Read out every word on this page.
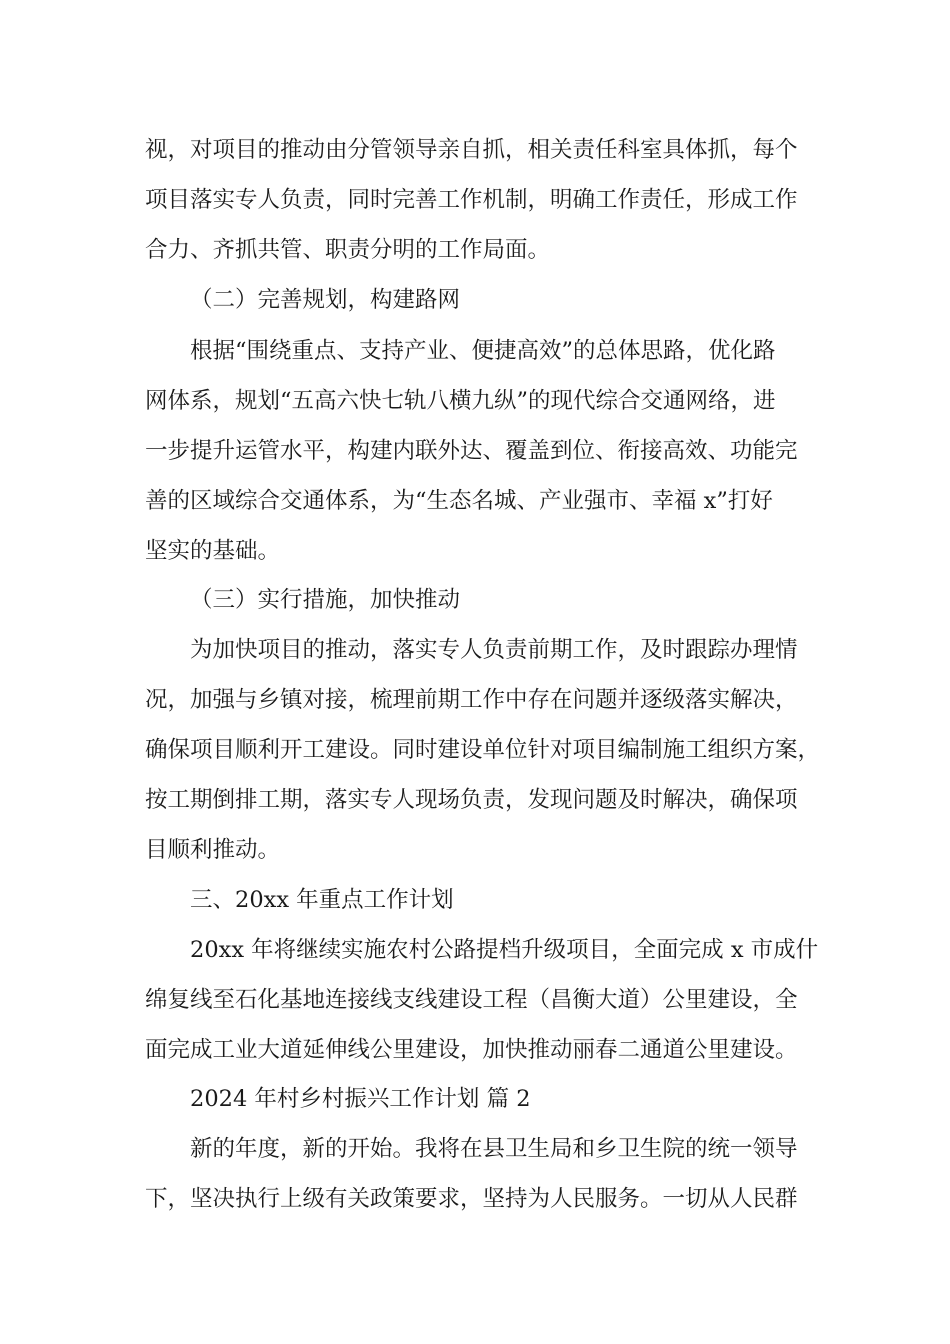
视，对项目的推动由分管领导亲自抓，相关责任科室具体抓，每个

项目落实专人负责，同时完善工作机制，明确工作责任，形成工作

合力、齐抓共管、职责分明的工作局面。

（二）完善规划，构建路网

根据“围绕重点、支持产业、便捷高效”的总体思路，优化路

网体系，规划“五高六快七轨八横九纵”的现代综合交通网络，进

一步提升运管水平，构建内联外达、覆盖到位、衔接高效、功能完

善的区域综合交通体系，为“生态名城、产业强市、幸福 x”打好

坚实的基础。

（三）实行措施，加快推动

为加快项目的推动，落实专人负责前期工作，及时跟踪办理情

况，加强与乡镇对接，梳理前期工作中存在问题并逐级落实解决，

确保项目顺利开工建设。同时建设单位针对项目编制施工组织方案，

按工期倒排工期，落实专人现场负责，发现问题及时解决，确保项

目顺利推动。

三、20xx 年重点工作计划

20xx 年将继续实施农村公路提档升级项目，全面完成 x 市成什

绵复线至石化基地连接线支线建设工程（昌衡大道）公里建设，全

面完成工业大道延伸线公里建设，加快推动丽春二通道公里建设。

2024 年村乡村振兴工作计划 篇 2

新的年度，新的开始。我将在县卫生局和乡卫生院的统一领导

下，坚决执行上级有关政策要求，坚持为人民服务。一切从人民群
